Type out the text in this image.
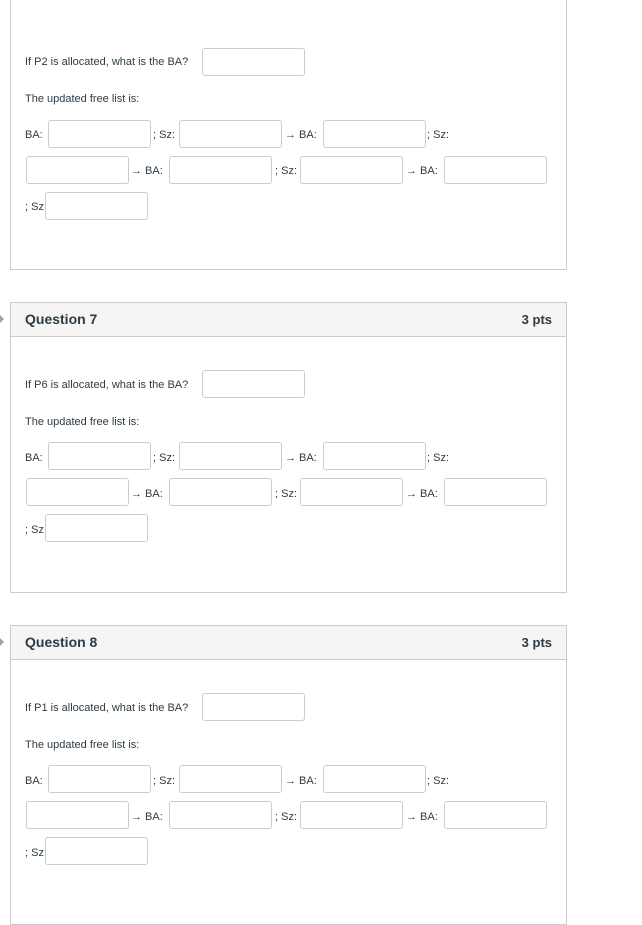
If P2 is allocated, what is the BA?
The updated free list is:
BA:	; Sz:	→ BA:	; Sz:
→ BA:	; Sz:	→ BA:
; Sz
Question 7	3 pts
If P6 is allocated, what is the BA?
The updated free list is:
BA:	; Sz:	→ BA:	; Sz:
→ BA:	; Sz:	→ BA:
; Sz
Question 8	3 pts
If P1 is allocated, what is the BA?
The updated free list is:
BA:	; Sz:	→ BA:	; Sz:
→ BA:	; Sz:	→ BA:
; Sz
